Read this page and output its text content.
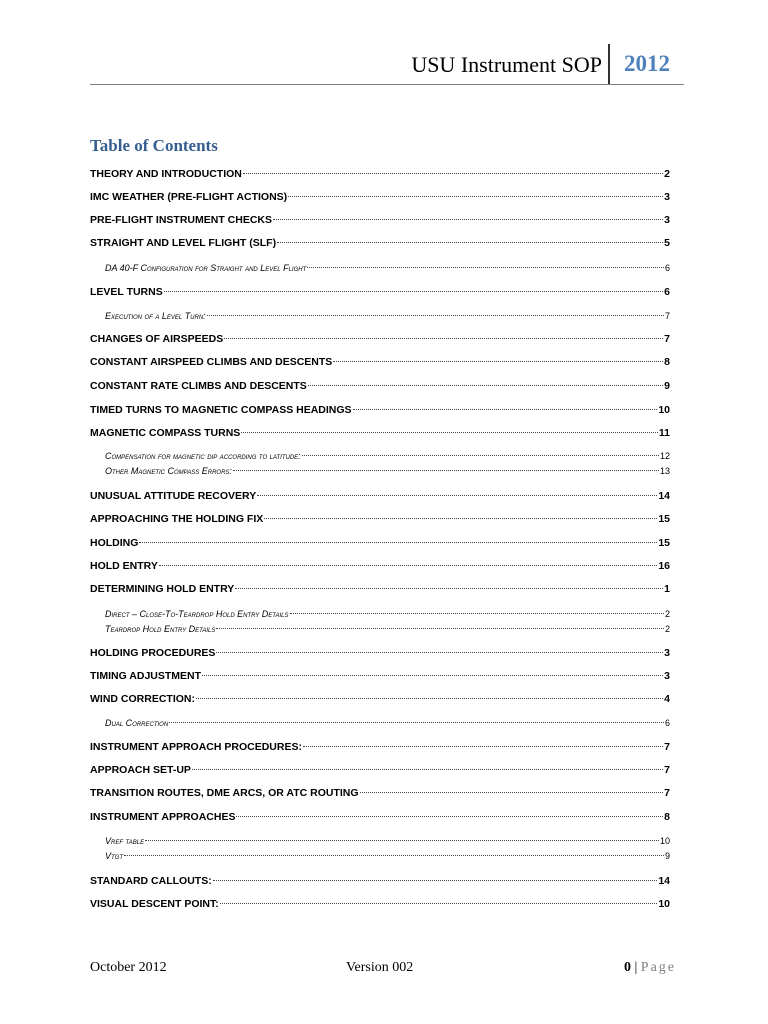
USU Instrument SOP 2012
Table of Contents
THEORY AND INTRODUCTION	2
IMC WEATHER (PRE-FLIGHT ACTIONS)	3
PRE-FLIGHT INSTRUMENT CHECKS	3
STRAIGHT AND LEVEL FLIGHT (SLF)	5
DA 40-F Configuration for Straight and Level Flight	6
LEVEL TURNS	6
Execution of a Level Turn:	7
CHANGES OF AIRSPEEDS	7
CONSTANT AIRSPEED CLIMBS AND DESCENTS	8
CONSTANT RATE CLIMBS AND DESCENTS	9
TIMED TURNS TO MAGNETIC COMPASS HEADINGS	10
MAGNETIC COMPASS TURNS	11
Compensation for magnetic dip according to latitude:	12
Other Magnetic Compass Errors:	13
UNUSUAL ATTITUDE RECOVERY	14
APPROACHING THE HOLDING FIX	15
HOLDING	15
HOLD ENTRY	16
DETERMINING HOLD ENTRY	1
Direct – Close-To-Teardrop Hold Entry Details	2
Teardrop Hold Entry Details	2
HOLDING PROCEDURES	3
TIMING ADJUSTMENT	3
WIND CORRECTION:	4
Dual Correction	6
INSTRUMENT APPROACH PROCEDURES:	7
APPROACH SET-UP	7
TRANSITION ROUTES, DME ARCS, OR ATC ROUTING	7
INSTRUMENT APPROACHES	8
Vref table	10
Vtgt	9
STANDARD CALLOUTS:	14
VISUAL DESCENT POINT:	10
October 2012	Version 002	0 | Page
